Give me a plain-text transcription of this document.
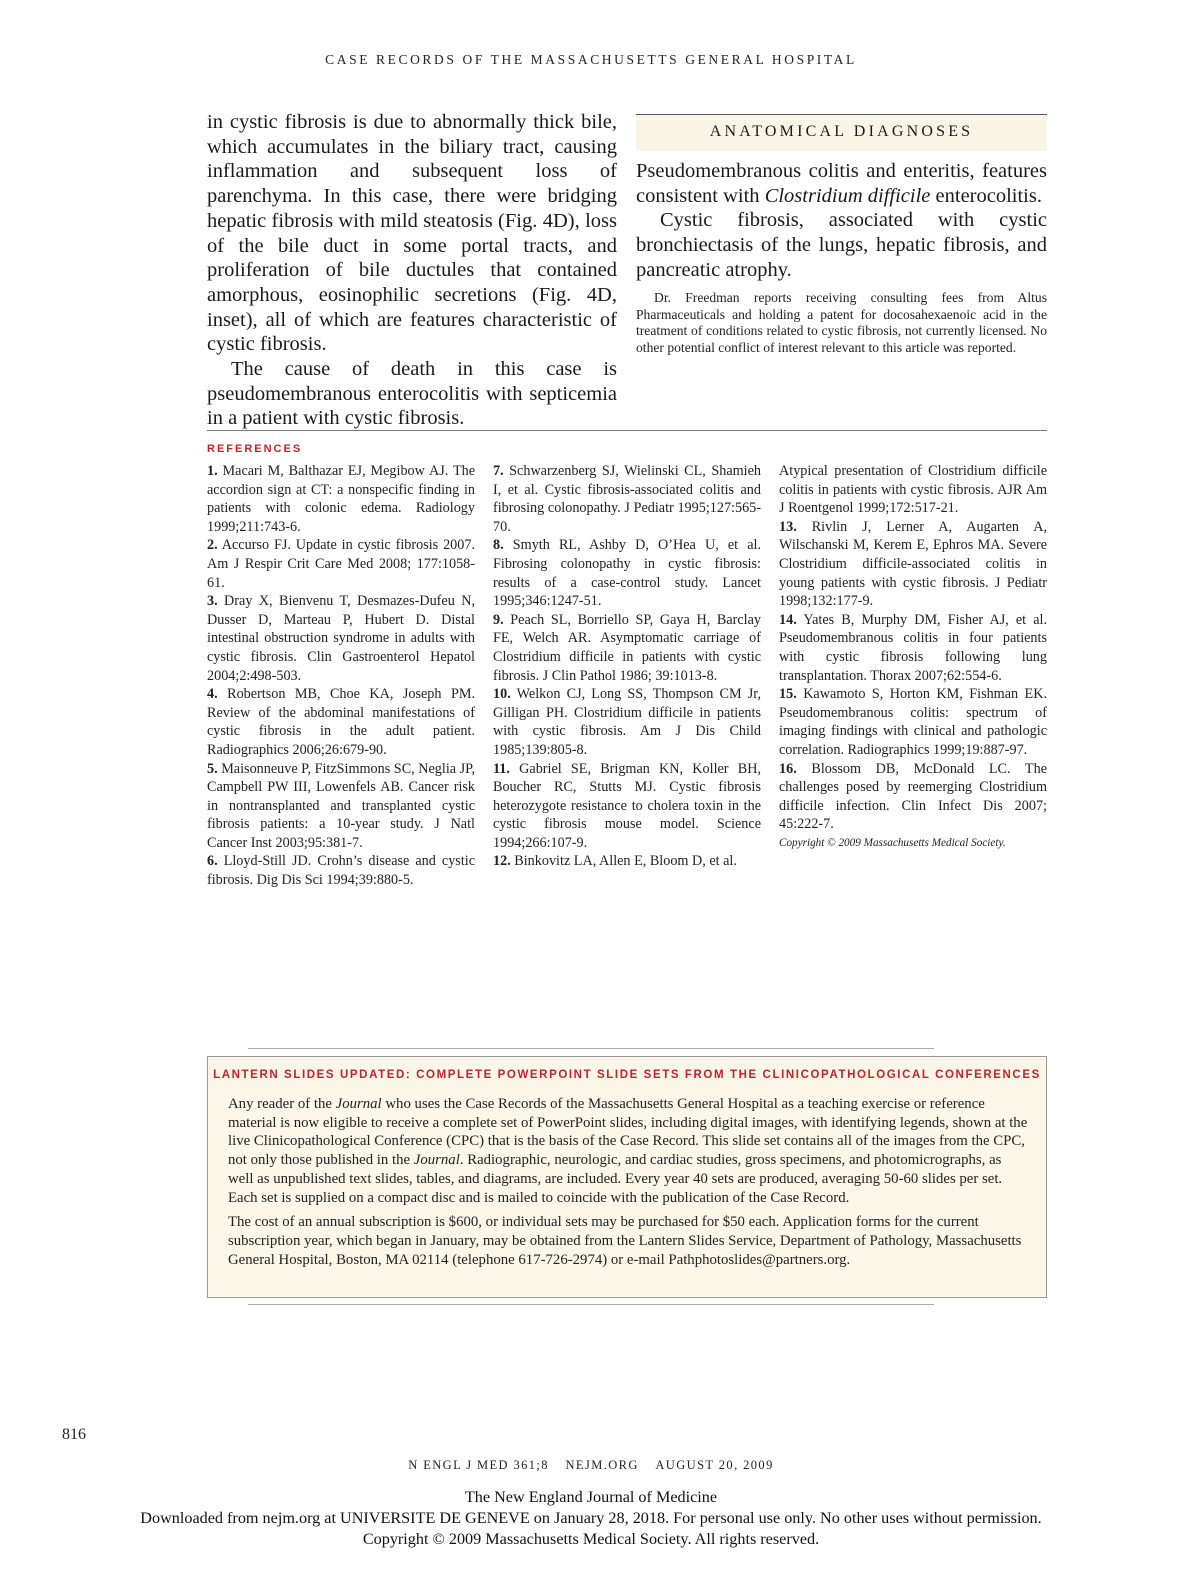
CASE RECORDS OF THE MASSACHUSETTS GENERAL HOSPITAL

in cystic fibrosis is due to abnormally thick bile, which accumulates in the biliary tract, causing inflammation and subsequent loss of parenchyma. In this case, there were bridging hepatic fibrosis with mild steatosis (Fig. 4D), loss of the bile duct in some portal tracts, and proliferation of bile ductules that contained amorphous, eosinophilic secretions (Fig. 4D, inset), all of which are features characteristic of cystic fibrosis.

The cause of death in this case is pseudomembranous enterocolitis with septicemia in a patient with cystic fibrosis.

ANATOMICAL DIAGNOSES

Pseudomembranous colitis and enteritis, features consistent with Clostridium difficile enterocolitis.

Cystic fibrosis, associated with cystic bronchiectasis of the lungs, hepatic fibrosis, and pancreatic atrophy.

Dr. Freedman reports receiving consulting fees from Altus Pharmaceuticals and holding a patent for docosahexaenoic acid in the treatment of conditions related to cystic fibrosis, not currently licensed. No other potential conflict of interest relevant to this article was reported.

REFERENCES

1. Macari M, Balthazar EJ, Megibow AJ. The accordion sign at CT: a nonspecific finding in patients with colonic edema. Radiology 1999;211:743-6.

2. Accurso FJ. Update in cystic fibrosis 2007. Am J Respir Crit Care Med 2008; 177:1058-61.

3. Dray X, Bienvenu T, Desmazes-Dufeu N, Dusser D, Marteau P, Hubert D. Distal intestinal obstruction syndrome in adults with cystic fibrosis. Clin Gastroenterol Hepatol 2004;2:498-503.

4. Robertson MB, Choe KA, Joseph PM. Review of the abdominal manifestations of cystic fibrosis in the adult patient. Radiographics 2006;26:679-90.

5. Maisonneuve P, FitzSimmons SC, Neglia JP, Campbell PW III, Lowenfels AB. Cancer risk in nontransplanted and transplanted cystic fibrosis patients: a 10-year study. J Natl Cancer Inst 2003;95:381-7.

6. Lloyd-Still JD. Crohn’s disease and cystic fibrosis. Dig Dis Sci 1994;39:880-5.

7. Schwarzenberg SJ, Wielinski CL, Shamieh I, et al. Cystic fibrosis-associated colitis and fibrosing colonopathy. J Pediatr 1995;127:565-70.

8. Smyth RL, Ashby D, O’Hea U, et al. Fibrosing colonopathy in cystic fibrosis: results of a case-control study. Lancet 1995;346:1247-51.

9. Peach SL, Borriello SP, Gaya H, Barclay FE, Welch AR. Asymptomatic carriage of Clostridium difficile in patients with cystic fibrosis. J Clin Pathol 1986; 39:1013-8.

10. Welkon CJ, Long SS, Thompson CM Jr, Gilligan PH. Clostridium difficile in patients with cystic fibrosis. Am J Dis Child 1985;139:805-8.

11. Gabriel SE, Brigman KN, Koller BH, Boucher RC, Stutts MJ. Cystic fibrosis heterozygote resistance to cholera toxin in the cystic fibrosis mouse model. Science 1994;266:107-9.

12. Binkovitz LA, Allen E, Bloom D, et al.

Atypical presentation of Clostridium difficile colitis in patients with cystic fibrosis. AJR Am J Roentgenol 1999;172:517-21.

13. Rivlin J, Lerner A, Augarten A, Wilschanski M, Kerem E, Ephros MA. Severe Clostridium difficile-associated colitis in young patients with cystic fibrosis. J Pediatr 1998;132:177-9.

14. Yates B, Murphy DM, Fisher AJ, et al. Pseudomembranous colitis in four patients with cystic fibrosis following lung transplantation. Thorax 2007;62:554-6.

15. Kawamoto S, Horton KM, Fishman EK. Pseudomembranous colitis: spectrum of imaging findings with clinical and pathologic correlation. Radiographics 1999;19:887-97.

16. Blossom DB, McDonald LC. The challenges posed by reemerging Clostridium difficile infection. Clin Infect Dis 2007; 45:222-7.

Copyright © 2009 Massachusetts Medical Society.

LANTERN SLIDES UPDATED: COMPLETE POWERPOINT SLIDE SETS FROM THE CLINICOPATHOLOGICAL CONFERENCES

Any reader of the Journal who uses the Case Records of the Massachusetts General Hospital as a teaching exercise or reference material is now eligible to receive a complete set of PowerPoint slides, including digital images, with identifying legends, shown at the live Clinicopathological Conference (CPC) that is the basis of the Case Record. This slide set contains all of the images from the CPC, not only those published in the Journal. Radiographic, neurologic, and cardiac studies, gross specimens, and photomicrographs, as well as unpublished text slides, tables, and diagrams, are included. Every year 40 sets are produced, averaging 50-60 slides per set. Each set is supplied on a compact disc and is mailed to coincide with the publication of the Case Record.

The cost of an annual subscription is $600, or individual sets may be purchased for $50 each. Application forms for the current subscription year, which began in January, may be obtained from the Lantern Slides Service, Department of Pathology, Massachusetts General Hospital, Boston, MA 02114 (telephone 617-726-2974) or e-mail Pathphotoslides@partners.org.

816
N ENGL J MED 361;8 NEJM.ORG AUGUST 20, 2009
The New England Journal of Medicine
Downloaded from nejm.org at UNIVERSITE DE GENEVE on January 28, 2018. For personal use only. No other uses without permission.
Copyright © 2009 Massachusetts Medical Society. All rights reserved.
